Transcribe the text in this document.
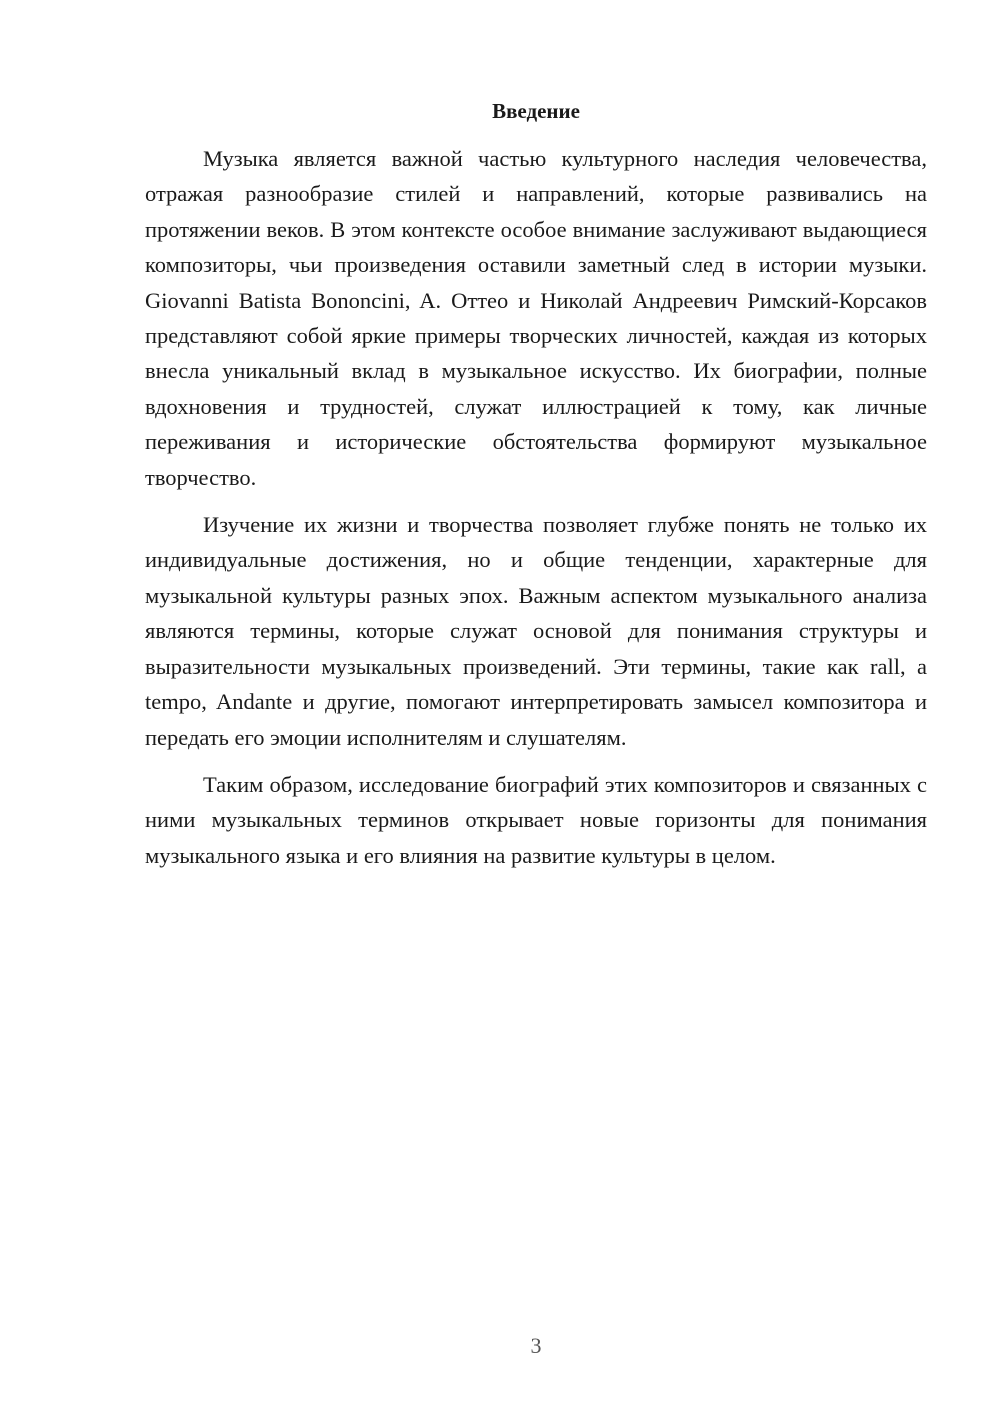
Введение

Музыка является важной частью культурного наследия человечества, отражая разнообразие стилей и направлений, которые развивались на протяжении веков. В этом контексте особое внимание заслуживают выдающиеся композиторы, чьи произведения оставили заметный след в истории музыки. Giovanni Batista Bononcini, A. Оттео и Николай Андреевич Римский-Корсаков представляют собой яркие примеры творческих личностей, каждая из которых внесла уникальный вклад в музыкальное искусство. Их биографии, полные вдохновения и трудностей, служат иллюстрацией к тому, как личные переживания и исторические обстоятельства формируют музыкальное творчество.

Изучение их жизни и творчества позволяет глубже понять не только их индивидуальные достижения, но и общие тенденции, характерные для музыкальной культуры разных эпох. Важным аспектом музыкального анализа являются термины, которые служат основой для понимания структуры и выразительности музыкальных произведений. Эти термины, такие как rall, a tempo, Andante и другие, помогают интерпретировать замысел композитора и передать его эмоции исполнителям и слушателям.

Таким образом, исследование биографий этих композиторов и связанных с ними музыкальных терминов открывает новые горизонты для понимания музыкального языка и его влияния на развитие культуры в целом.

3
